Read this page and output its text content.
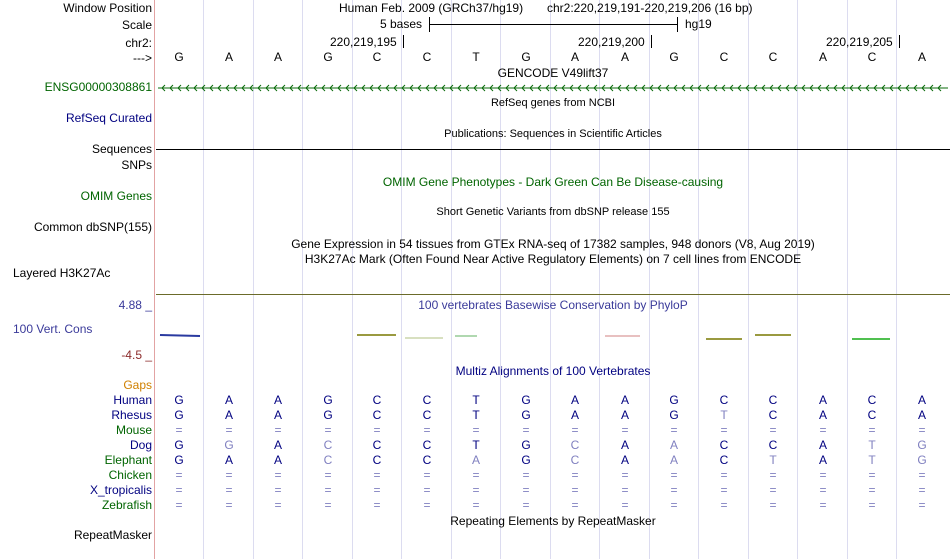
Window Position
Scale
chr2:
--->
ENSG00000308861
RefSeq Curated
Sequences
SNPs
OMIM Genes
Common dbSNP(155)
Layered H3K27Ac
4.88 _
100 Vert. Cons
-4.5 _
Gaps
Human
Rhesus
Mouse
Dog
Elephant
Chicken
X_tropicalis
Zebrafish
RepeatMasker
Human Feb. 2009 (GRCh37/hg19) chr2:220,219,191-220,219,206 (16 bp)
5 bases	hg19
220,219,195	220,219,200	220,219,205
G	A	A	G	C	C	T	G	A	A	G	C	C	A	C	A
GENCODE V49lift37
RefSeq genes from NCBI
Publications: Sequences in Scientific Articles
OMIM Gene Phenotypes - Dark Green Can Be Disease-causing
Short Genetic Variants from dbSNP release 155
Gene Expression in 54 tissues from GTEx RNA-seq of 17382 samples, 948 donors (V8, Aug 2019)
H3K27Ac Mark (Often Found Near Active Regulatory Elements) on 7 cell lines from ENCODE
100 vertebrates Basewise Conservation by PhyloP
Multiz Alignments of 100 Vertebrates
G	A	A	G	C	C	T	G	A	A	G	C	C	A	C	A
G	A	A	G	C	C	T	G	A	A	G	T	C	A	C	A
=	=	=	=	=	=	=	=	=	=	=	=	=	=	=	=
G	G	A	C	C	C	T	G	C	A	A	C	C	A	T	G
G	A	A	C	C	C	A	G	C	A	A	C	T	A	T	G
=	=	=	=	=	=	=	=	=	=	=	=	=	=	=	=
=	=	=	=	=	=	=	=	=	=	=	=	=	=	=	=
=	=	=	=	=	=	=	=	=	=	=	=	=	=	=	=
Repeating Elements by RepeatMasker
